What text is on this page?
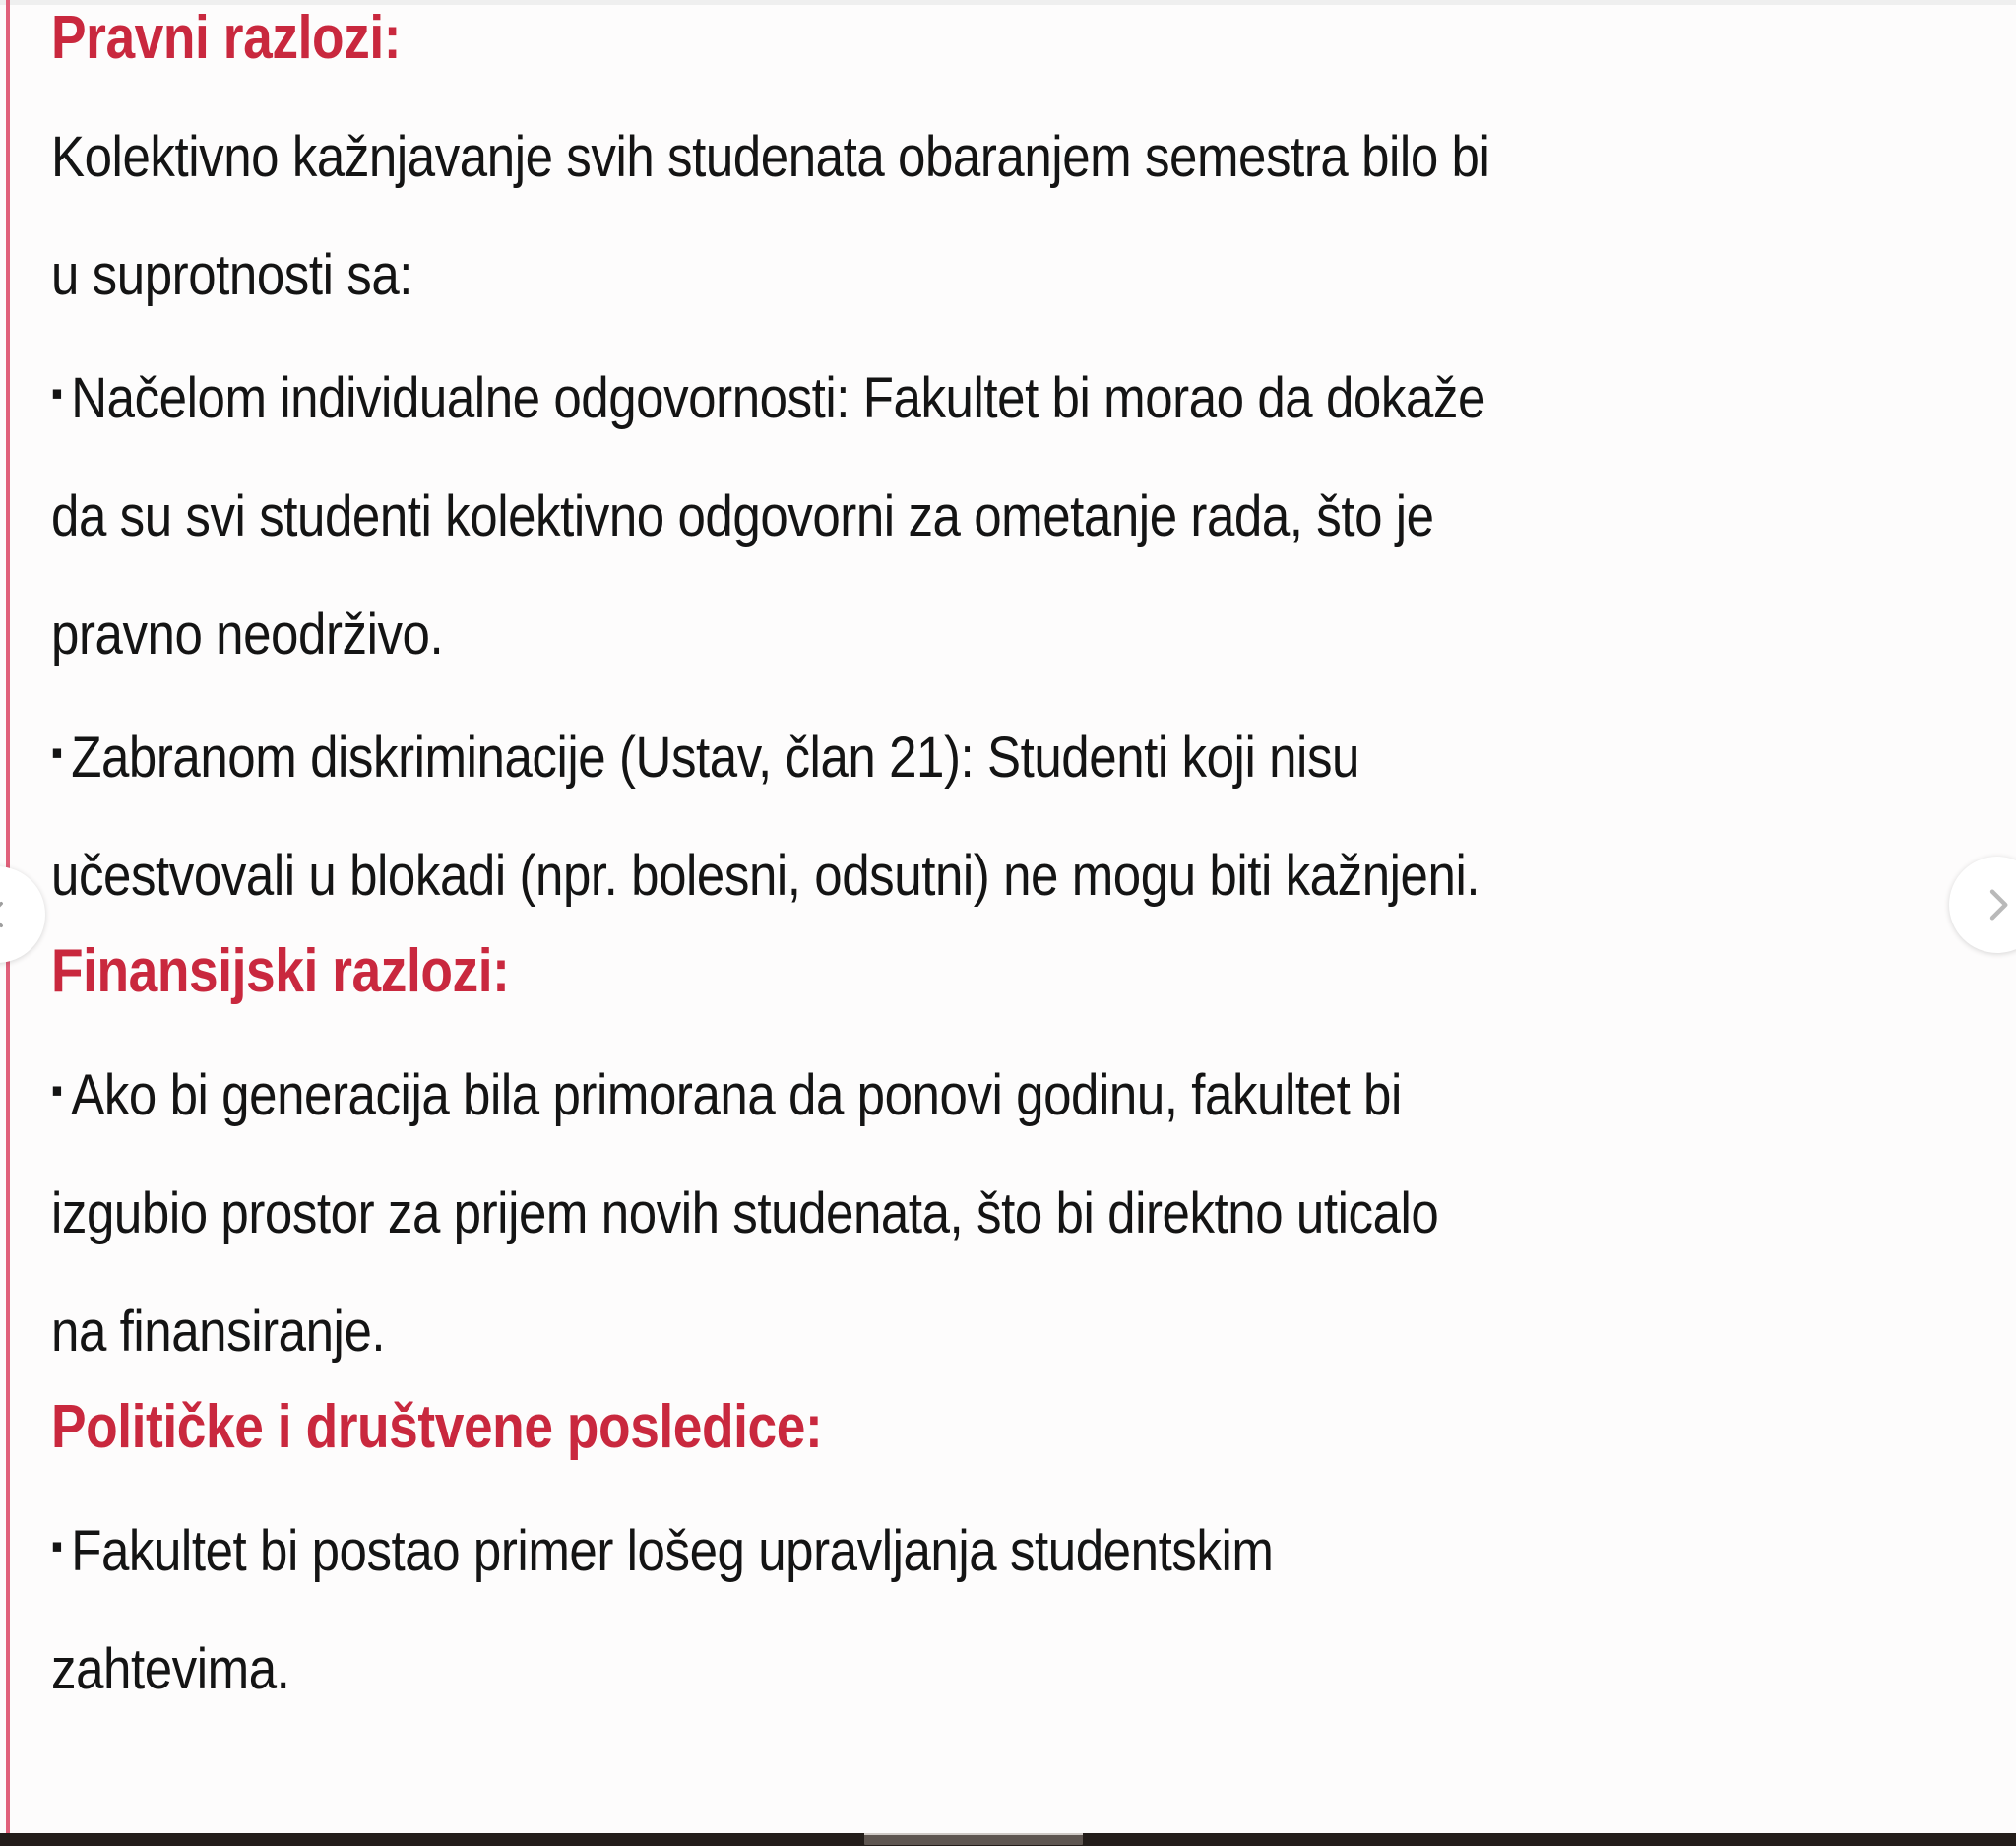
Pravni razlozi:
Kolektivno kažnjavanje svih studenata obaranjem semestra bilo bi
u suprotnosti sa:
▪ Načelom individualne odgovornosti: Fakultet bi morao da dokaže
da su svi studenti kolektivno odgovorni za ometanje rada, što je
pravno neodrživo.
▪ Zabranom diskriminacije (Ustav, član 21): Studenti koji nisu
učestvovali u blokadi (npr. bolesni, odsutni) ne mogu biti kažnjeni.
Finansijski razlozi:
▪ Ako bi generacija bila primorana da ponovi godinu, fakultet bi
izgubio prostor za prijem novih studenata, što bi direktno uticalo
na finansiranje.
Političke i društvene posledice:
▪ Fakultet bi postao primer lošeg upravljanja studentskim
zahtevima.
